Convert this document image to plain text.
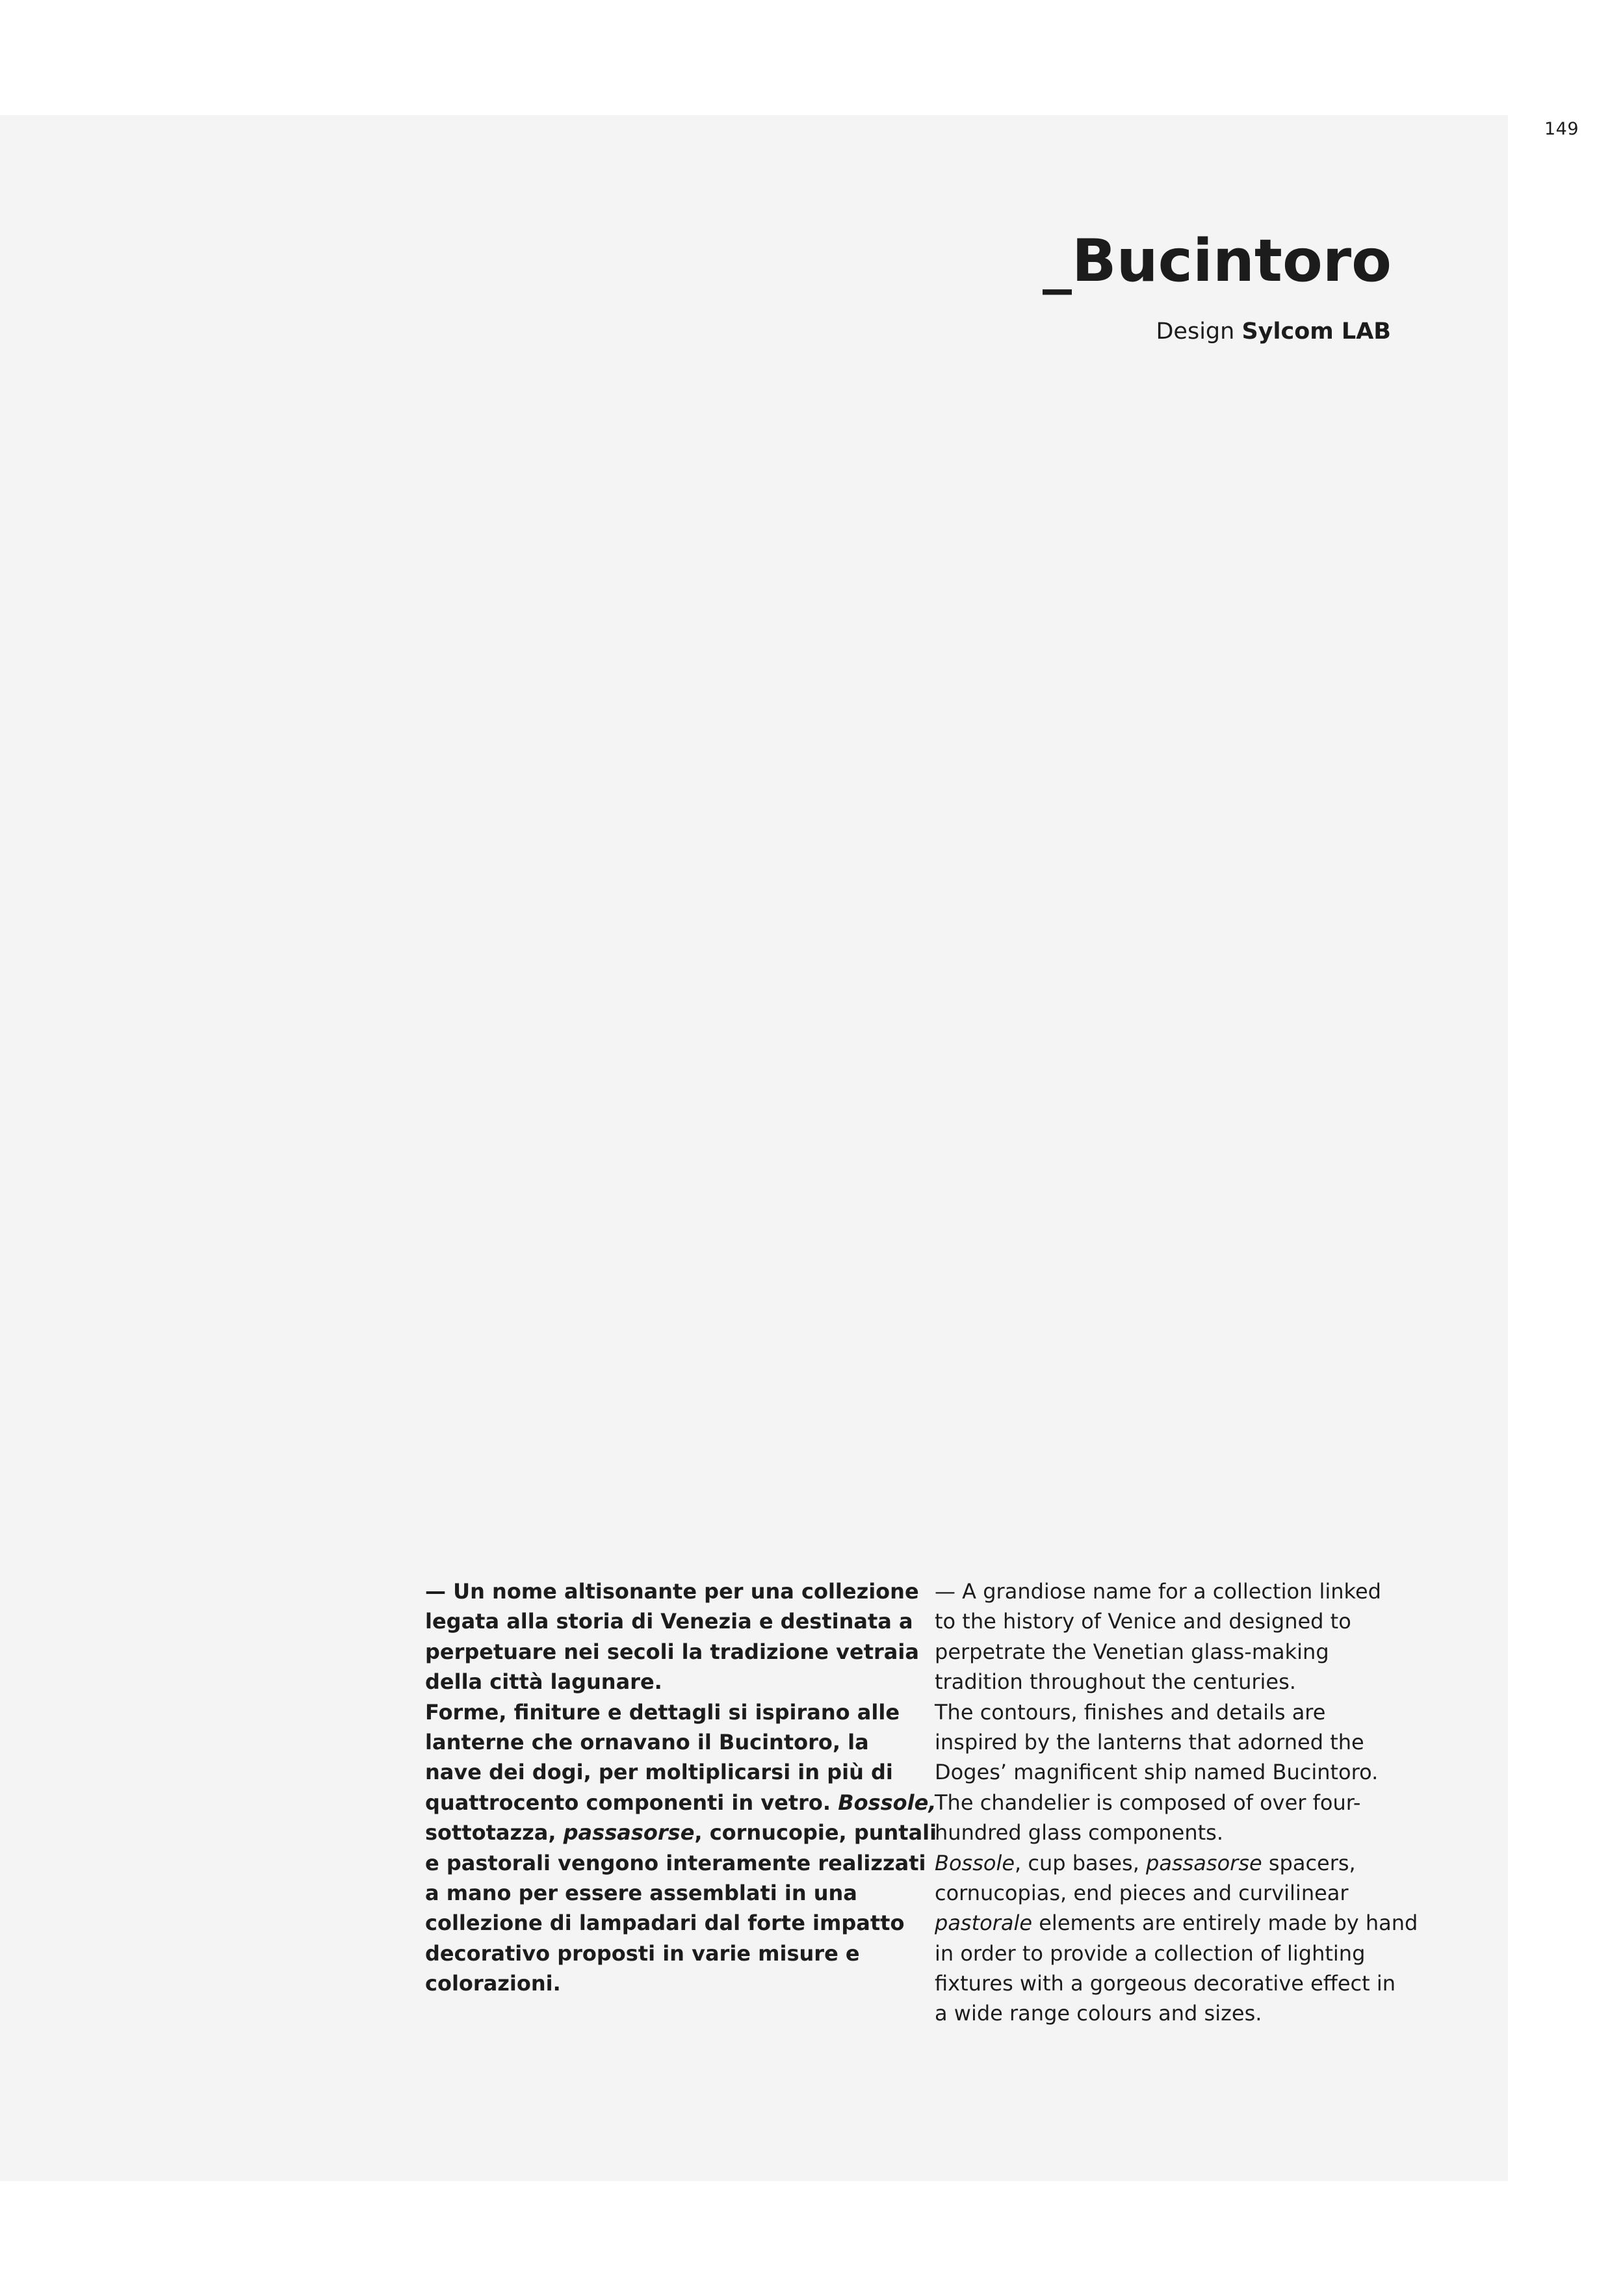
149
_Bucintoro
Design Sylcom LAB
— Un nome altisonante per una collezione
legata alla storia di Venezia e destinata a
perpetuare nei secoli la tradizione vetraia
della città lagunare.
Forme, finiture e dettagli si ispirano alle
lanterne che ornavano il Bucintoro, la
nave dei dogi, per moltiplicarsi in più di
quattrocento componenti in vetro. Bossole,
sottotazza, passasorse, cornucopie, puntali
e pastorali vengono interamente realizzati
a mano per essere assemblati in una
collezione di lampadari dal forte impatto
decorativo proposti in varie misure e
colorazioni.
— A grandiose name for a collection linked
to the history of Venice and designed to
perpetrate the Venetian glass-making
tradition throughout the centuries.
The contours, finishes and details are
inspired by the lanterns that adorned the
Doges’ magnificent ship named Bucintoro.
The chandelier is composed of over four-
hundred glass components.
Bossole, cup bases, passasorse spacers,
cornucopias, end pieces and curvilinear
pastorale elements are entirely made by hand
in order to provide a collection of lighting
fixtures with a gorgeous decorative effect in
a wide range colours and sizes.
